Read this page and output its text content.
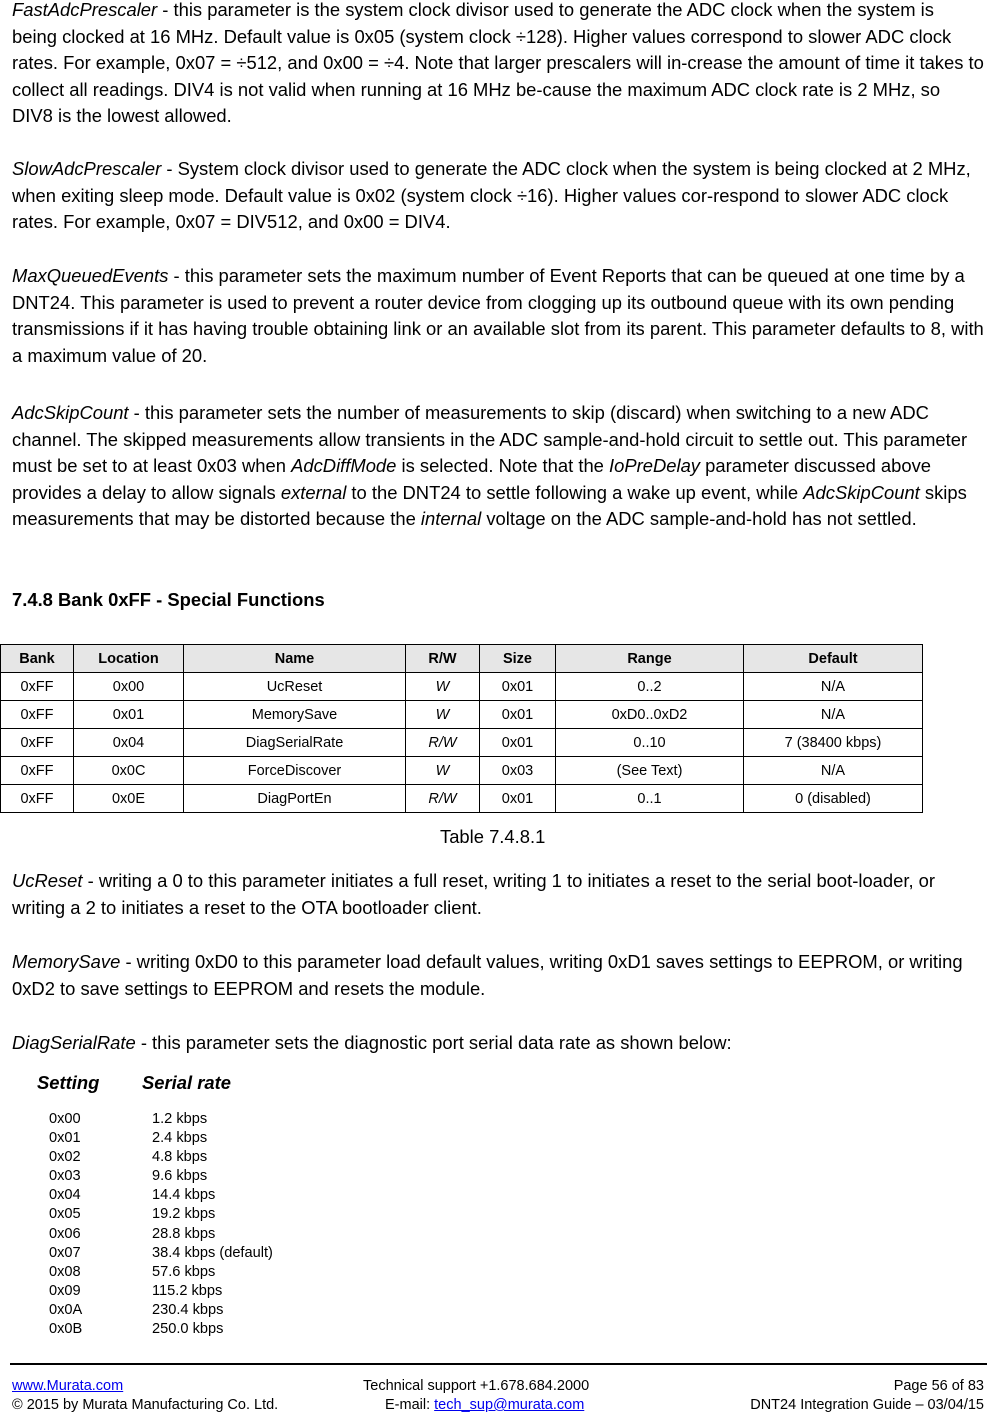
FastAdcPrescaler - this parameter is the system clock divisor used to generate the ADC clock when the system is being clocked at 16 MHz. Default value is 0x05 (system clock ÷128). Higher values correspond to slower ADC clock rates. For example, 0x07 = ÷512, and 0x00 = ÷4. Note that larger prescalers will in-crease the amount of time it takes to collect all readings. DIV4 is not valid when running at 16 MHz be-cause the maximum ADC clock rate is 2 MHz, so DIV8 is the lowest allowed.

SlowAdcPrescaler - System clock divisor used to generate the ADC clock when the system is being clocked at 2 MHz, when exiting sleep mode. Default value is 0x02 (system clock ÷16). Higher values cor-respond to slower ADC clock rates. For example, 0x07 = DIV512, and 0x00 = DIV4.

MaxQueuedEvents - this parameter sets the maximum number of Event Reports that can be queued at one time by a DNT24. This parameter is used to prevent a router device from clogging up its outbound queue with its own pending transmissions if it has having trouble obtaining link or an available slot from its parent. This parameter defaults to 8, with a maximum value of 20.

AdcSkipCount - this parameter sets the number of measurements to skip (discard) when switching to a new ADC channel. The skipped measurements allow transients in the ADC sample-and-hold circuit to settle out. This parameter must be set to at least 0x03 when AdcDiffMode is selected. Note that the IoPreDelay parameter discussed above provides a delay to allow signals external to the DNT24 to settle following a wake up event, while AdcSkipCount skips measurements that may be distorted because the internal voltage on the ADC sample-and-hold has not settled.

7.4.8 Bank 0xFF - Special Functions
Bank	Location	Name	R/W	Size	Range	Default
0xFF	0x00	UcReset	W	0x01	0..2	N/A
0xFF	0x01	MemorySave	W	0x01	0xD0..0xD2	N/A
0xFF	0x04	DiagSerialRate	R/W	0x01	0..10	7 (38400 kbps)
0xFF	0x0C	ForceDiscover	W	0x03	(See Text)	N/A
0xFF	0x0E	DiagPortEn	R/W	0x01	0..1	0 (disabled)
Table 7.4.8.1

UcReset - writing a 0 to this parameter initiates a full reset, writing 1 to initiates a reset to the serial boot-loader, or writing a 2 to initiates a reset to the OTA bootloader client.

MemorySave - writing 0xD0 to this parameter load default values, writing 0xD1 saves settings to EEPROM, or writing 0xD2 to save settings to EEPROM and resets the module.

DiagSerialRate - this parameter sets the diagnostic port serial data rate as shown below:

Setting Serial rate
0x00	1.2 kbps
0x01	2.4 kbps
0x02	4.8 kbps
0x03	9.6 kbps
0x04	14.4 kbps
0x05	19.2 kbps
0x06	28.8 kbps
0x07	38.4 kbps (default)
0x08	57.6 kbps
0x09	115.2 kbps
0x0A	230.4 kbps
0x0B	250.0 kbps
www.Murata.com
© 2015 by Murata Manufacturing Co. Ltd.
Technical support +1.678.684.2000
E-mail: tech_sup@murata.com
Page 56 of 83
DNT24 Integration Guide – 03/04/15
